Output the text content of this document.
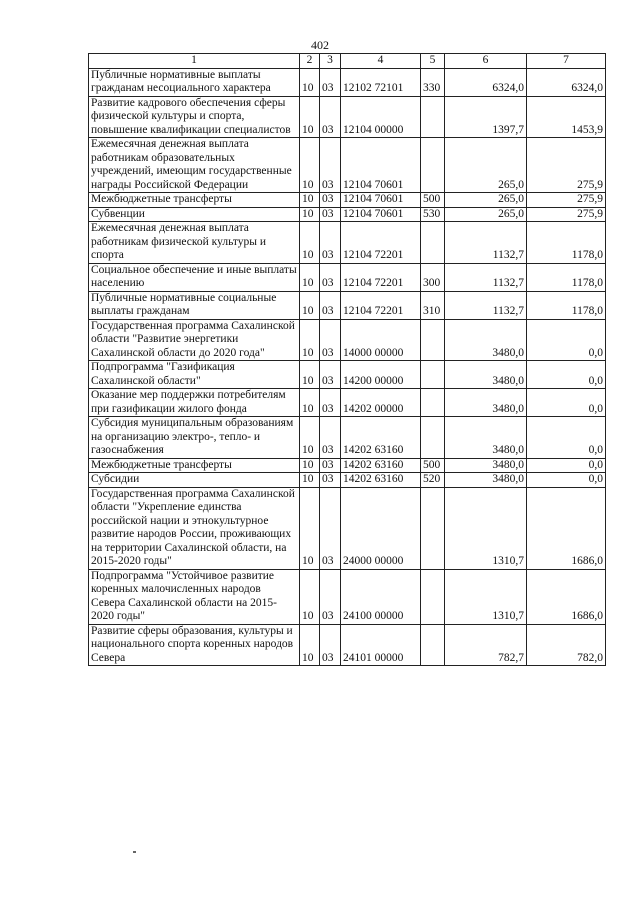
402
1	2	3	4	5	6	7
Публичные нормативные выплаты гражданам несоциального характера	10	03	12102 72101	330	6324,0	6324,0
Развитие кадрового обеспечения сферы физической культуры и спорта, повышение квалификации специалистов	10	03	12104 00000		1397,7	1453,9
Ежемесячная денежная выплата работникам образовательных учреждений, имеющим государственные награды Российской Федерации	10	03	12104 70601		265,0	275,9
Межбюджетные трансферты	10	03	12104 70601	500	265,0	275,9
Субвенции	10	03	12104 70601	530	265,0	275,9
Ежемесячная денежная выплата работникам физической культуры и спорта	10	03	12104 72201		1132,7	1178,0
Социальное обеспечение и иные выплаты населению	10	03	12104 72201	300	1132,7	1178,0
Публичные нормативные социальные выплаты гражданам	10	03	12104 72201	310	1132,7	1178,0
Государственная программа Сахалинской области "Развитие энергетики Сахалинской области до 2020 года"	10	03	14000 00000		3480,0	0,0
Подпрограмма "Газификация Сахалинской области"	10	03	14200 00000		3480,0	0,0
Оказание мер поддержки потребителям при газификации жилого фонда	10	03	14202 00000		3480,0	0,0
Субсидия муниципальным образованиям на организацию электро-, тепло- и газоснабжения	10	03	14202 63160		3480,0	0,0
Межбюджетные трансферты	10	03	14202 63160	500	3480,0	0,0
Субсидии	10	03	14202 63160	520	3480,0	0,0
Государственная программа Сахалинской области "Укрепление единства российской нации и этнокультурное развитие народов России, проживающих на территории Сахалинской области, на 2015-2020 годы"	10	03	24000 00000		1310,7	1686,0
Подпрограмма "Устойчивое развитие коренных малочисленных народов Севера Сахалинской области на 2015-2020 годы"	10	03	24100 00000		1310,7	1686,0
Развитие сферы образования, культуры и национального спорта коренных народов Севера	10	03	24101 00000		782,7	782,0
